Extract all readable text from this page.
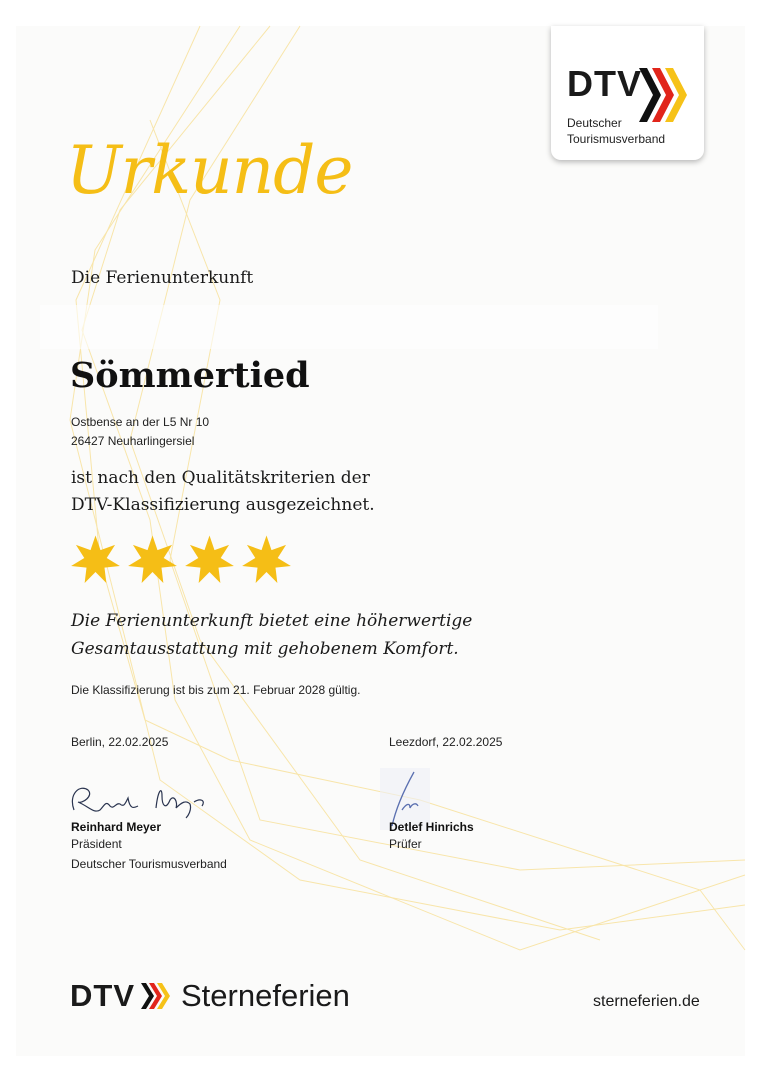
DTV
Deutscher
Tourismusverband
Urkunde
Die Ferienunterkunft
Sömmertied
Ostbense an der L5 Nr 10
26427 Neuharlingersiel
ist nach den Qualitätskriterien der
DTV-Klassifizierung ausgezeichnet.
Die Ferienunterkunft bietet eine höherwertige
Gesamtausstattung mit gehobenem Komfort.
Die Klassifizierung ist bis zum 21. Februar 2028 gültig.
Berlin, 22.02.2025	Leezdorf, 22.02.2025
Reinhard Meyer
Präsident
Deutscher Tourismusverband
Detlef Hinrichs
Prüfer
DTV Sterneferien	sterneferien.de
